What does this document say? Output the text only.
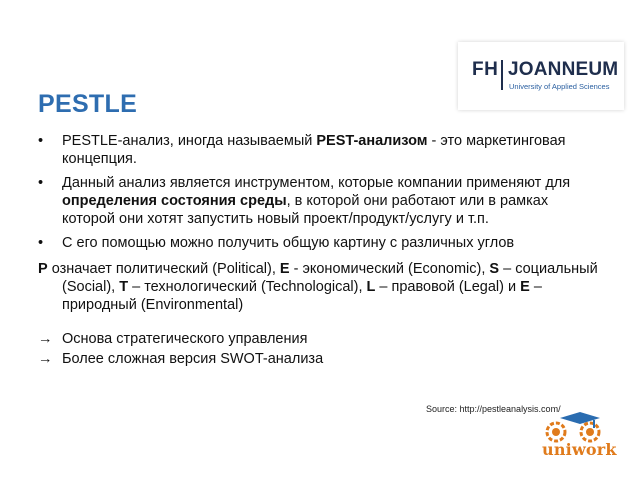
FH JOANNEUM
University of Applied Sciences
PESTLE
• PESTLE-анализ, иногда называемый PEST-анализом - это маркетинговая концепция.
• Данный анализ является инструментом, которые компании применяют для определения состояния среды, в которой они работают или в рамках которой они хотят запустить новый проект/продукт/услугу и т.п.
• С его помощью можно получить общую картину с различных углов
P означает политический (Political), E - экономический (Economic), S – социальный (Social), T – технологический (Technological), L – правовой (Legal) и E – природный (Environmental)
→ Основа стратегического управления
→ Более сложная версия SWOT-анализа
Source: http://pestleanalysis.com/
uniwork
